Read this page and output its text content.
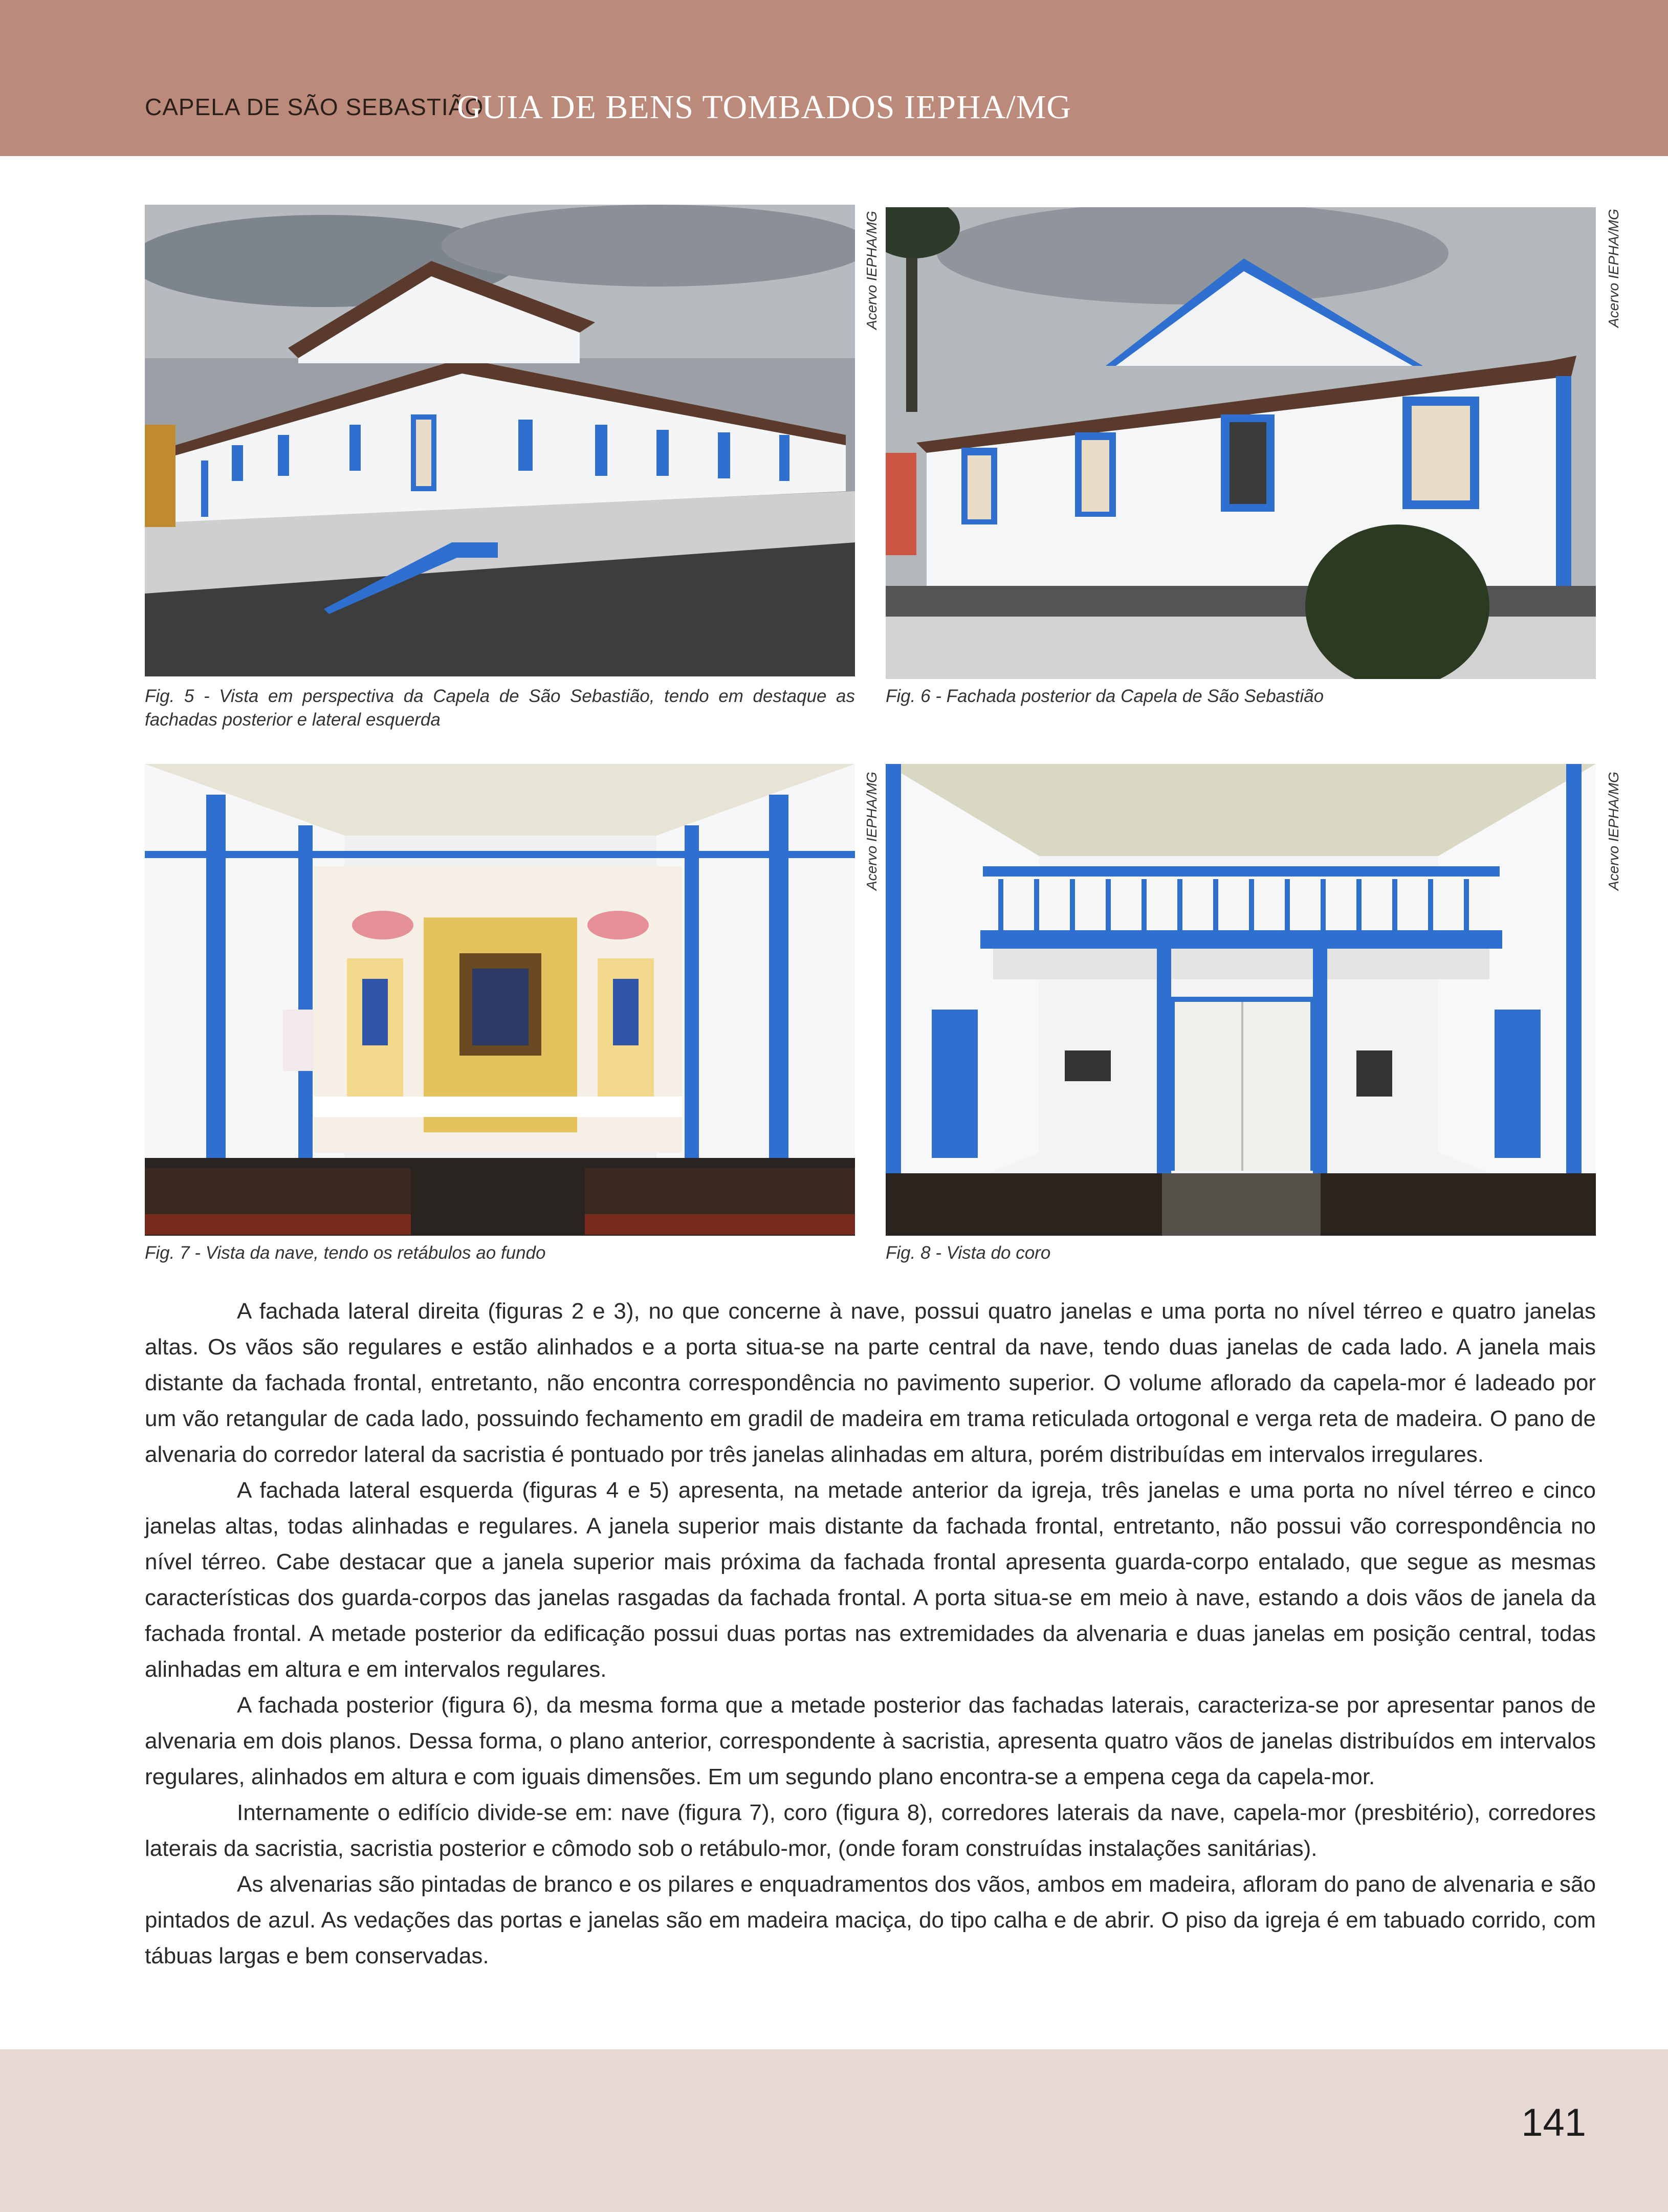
CAPELA DE SÃO SEBASTIÃO
GUIA DE BENS TOMBADOS IEPHA/MG
Acervo IEPHA/MG
Fig. 5 - Vista em perspectiva da Capela de São Sebastião, tendo em destaque as fachadas posterior e lateral esquerda
Acervo IEPHA/MG
Fig. 6 - Fachada posterior da Capela de São Sebastião
Acervo IEPHA/MG
Fig. 7 - Vista da nave, tendo os retábulos ao fundo
Acervo IEPHA/MG
Fig. 8 - Vista do coro

A fachada lateral direita (figuras 2 e 3), no que concerne à nave, possui quatro janelas e uma porta no nível térreo e quatro janelas altas. Os vãos são regulares e estão alinhados e a porta situa-se na parte central da nave, tendo duas janelas de cada lado. A janela mais distante da fachada frontal, entretanto, não encontra correspondência no pavimento superior. O volume aflorado da capela-mor é ladeado por um vão retangular de cada lado, possuindo fechamento em gradil de madeira em trama reticulada ortogonal e verga reta de madeira. O pano de alvenaria do corredor lateral da sacristia é pontuado por três janelas alinhadas em altura, porém distribuídas em intervalos irregulares.

A fachada lateral esquerda (figuras 4 e 5) apresenta, na metade anterior da igreja, três janelas e uma porta no nível térreo e cinco janelas altas, todas alinhadas e regulares. A janela superior mais distante da fachada frontal, entretanto, não possui vão correspondência no nível térreo. Cabe destacar que a janela superior mais próxima da fachada frontal apresenta guarda-corpo entalado, que segue as mesmas características dos guarda-corpos das janelas rasgadas da fachada frontal. A porta situa-se em meio à nave, estando a dois vãos de janela da fachada frontal. A metade posterior da edificação possui duas portas nas extremidades da alvenaria e duas janelas em posição central, todas alinhadas em altura e em intervalos regulares.

A fachada posterior (figura 6), da mesma forma que a metade posterior das fachadas laterais, caracteriza-se por apresentar panos de alvenaria em dois planos. Dessa forma, o plano anterior, correspondente à sacristia, apresenta quatro vãos de janelas distribuídos em intervalos regulares, alinhados em altura e com iguais dimensões. Em um segundo plano encontra-se a empena cega da capela-mor.

Internamente o edifício divide-se em: nave (figura 7), coro (figura 8), corredores laterais da nave, capela-mor (presbitério), corredores laterais da sacristia, sacristia posterior e cômodo sob o retábulo-mor, (onde foram construídas instalações sanitárias).

As alvenarias são pintadas de branco e os pilares e enquadramentos dos vãos, ambos em madeira, afloram do pano de alvenaria e são pintados de azul. As vedações das portas e janelas são em madeira maciça, do tipo calha e de abrir. O piso da igreja é em tabuado corrido, com tábuas largas e bem conservadas.

141
